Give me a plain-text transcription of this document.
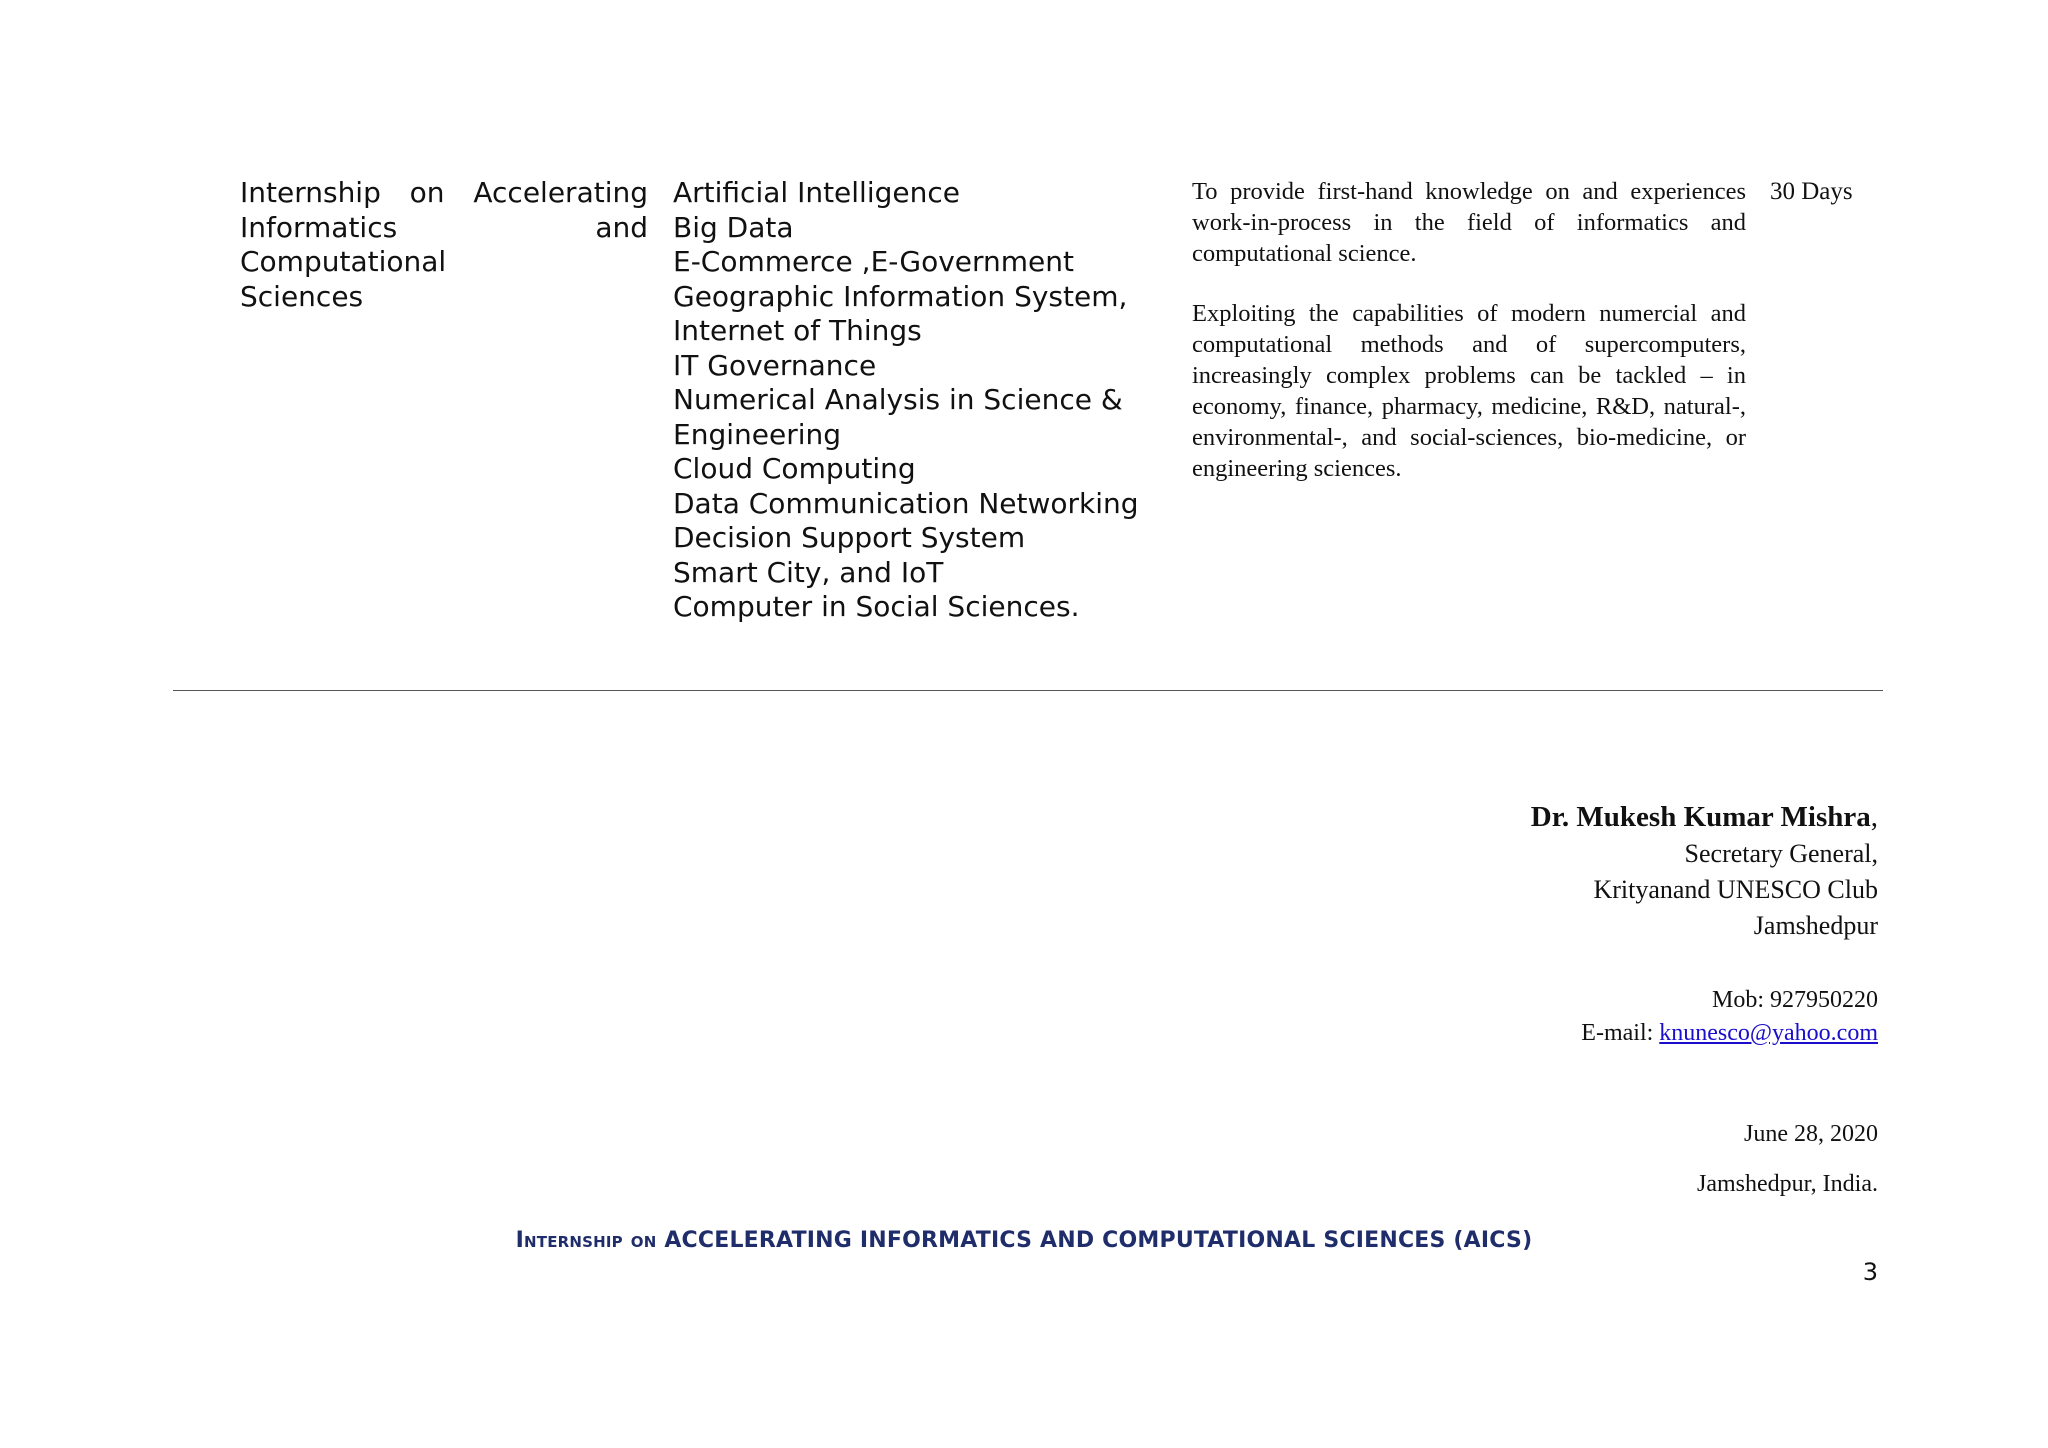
Internship on Accelerating
Informatics and Computational
Sciences
Artificial Intelligence
Big Data
E-Commerce ,E-Government
Geographic Information System,
Internet of Things
IT Governance
Numerical Analysis in Science &
Engineering
Cloud Computing
Data Communication Networking
Decision Support System
Smart City, and IoT
Computer in Social Sciences.

To provide first-hand knowledge on and experiences work-in-process in the field of informatics and computational science.

Exploiting the capabilities of modern numercial and computational methods and of supercomputers, increasingly complex problems can be tackled – in economy, finance, pharmacy, medicine, R&D, natural-, environmental-, and social-sciences, bio-medicine, or engineering sciences.

30 Days
Dr. Mukesh Kumar Mishra,
Secretary General,
Krityanand UNESCO Club
Jamshedpur
Mob: 927950220
E-mail: knunesco@yahoo.com
June 28, 2020
Jamshedpur, India.
Internship on ACCELERATING INFORMATICS AND COMPUTATIONAL SCIENCES (AICS)
3
